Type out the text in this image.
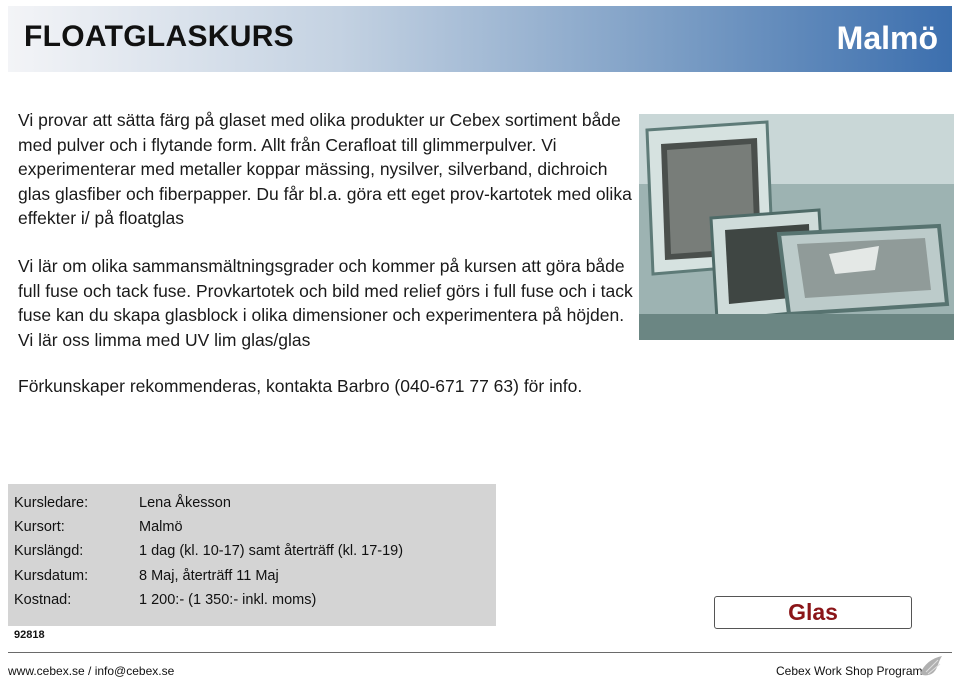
FLOATGLASKURS	Malmö
Vi provar att sätta färg på glaset med olika produkter ur Cebex sortiment både med pulver och i flytande form. Allt från Cerafloat till glimmerpulver. Vi experimenterar med metaller koppar mässing, nysilver, silverband, dichroich glas glasfiber och fiberpapper. Du får bl.a. göra ett eget prov-kartotek med olika effekter i/ på floatglas
Vi lär om olika sammansmältningsgrader och kommer på kursen att göra både full fuse och tack fuse. Provkartotek och bild med relief görs i full fuse och i tack fuse kan du skapa glasblock i olika dimensioner och experimentera på höjden. Vi lär oss limma med UV lim glas/glas
Förkunskaper rekommenderas, kontakta Barbro (040-671 77 63) för info.
Kursledare:	Lena Åkesson
Kursort:	Malmö
Kurslängd:	1 dag (kl. 10-17) samt återträff (kl. 17-19)
Kursdatum:	8 Maj, återträff 11 Maj
Kostnad:	1 200:- (1 350:- inkl. moms)
92818
Glas
www.cebex.se / info@cebex.se	Cebex Work Shop Program
